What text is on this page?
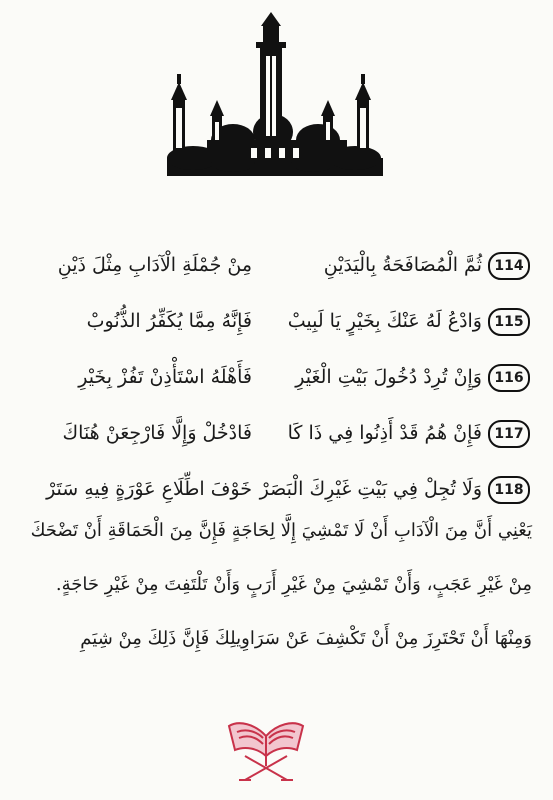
114
ثُمَّ الْمُصَافَحَةُ بِالْيَدَيْنِ
مِنْ جُمْلَةِ الْآدَابِ مِثْلَ ذَيْنِ
115
وَادْعُ لَهُ عَنْكَ بِخَيْرٍ يَا لَبِيبْ
فَإِنَّهُ مِمَّا يُكَفِّرُ الذُّنُوبْ
116
وَإِنْ تُرِدْ دُخُولَ بَيْتِ الْغَيْرِ
فَأَهْلَهُ اسْتَأْذِنْ تَفُزْ بِخَيْرِ
117
فَإِنْ هُمُ قَدْ أَذِنُوا فِي ذَا كَا
فَادْخُلْ وَإِلَّا فَارْجِعَنْ هُنَاكَ
118
وَلَا تُجِلْ فِي بَيْتِ غَيْرِكَ الْبَصَرْ
خَوْفَ اطِّلَاعِ عَوْرَةٍ فِيهِ سَتَرْ
يَعْنِي أَنَّ مِنَ الْآدَابِ أَنْ لَا تَمْشِيَ إِلَّا لِحَاجَةٍ فَإِنَّ مِنَ الْحَمَاقَةِ أَنْ تَضْحَكَ
مِنْ غَيْرِ عَجَبٍ، وَأَنْ تَمْشِيَ مِنْ غَيْرِ أَرَبٍ وَأَنْ تَلْتَفِتَ مِنْ غَيْرِ حَاجَةٍ.
وَمِنْهَا أَنْ تَحْتَرِزَ مِنْ أَنْ تَكْشِفَ عَنْ سَرَاوِيلِكَ فَإِنَّ ذَلِكَ مِنْ شِيَمِ
